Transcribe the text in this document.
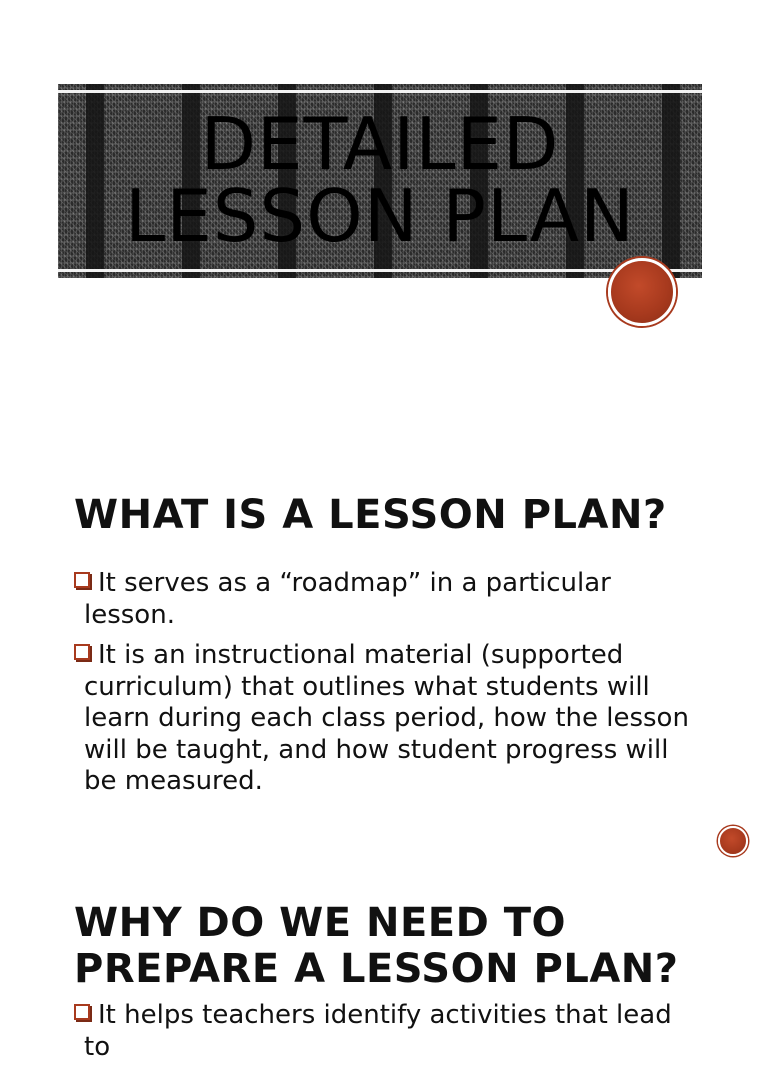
DETAILED
LESSON PLAN
WHAT IS A LESSON PLAN?
It serves as a “roadmap” in a particular lesson.
It is an instructional material (supported curriculum) that outlines what students will learn during each class period, how the lesson will be taught, and how student progress will be measured.
WHY DO WE NEED TO PREPARE A LESSON PLAN?
It helps teachers identify activities that lead to
